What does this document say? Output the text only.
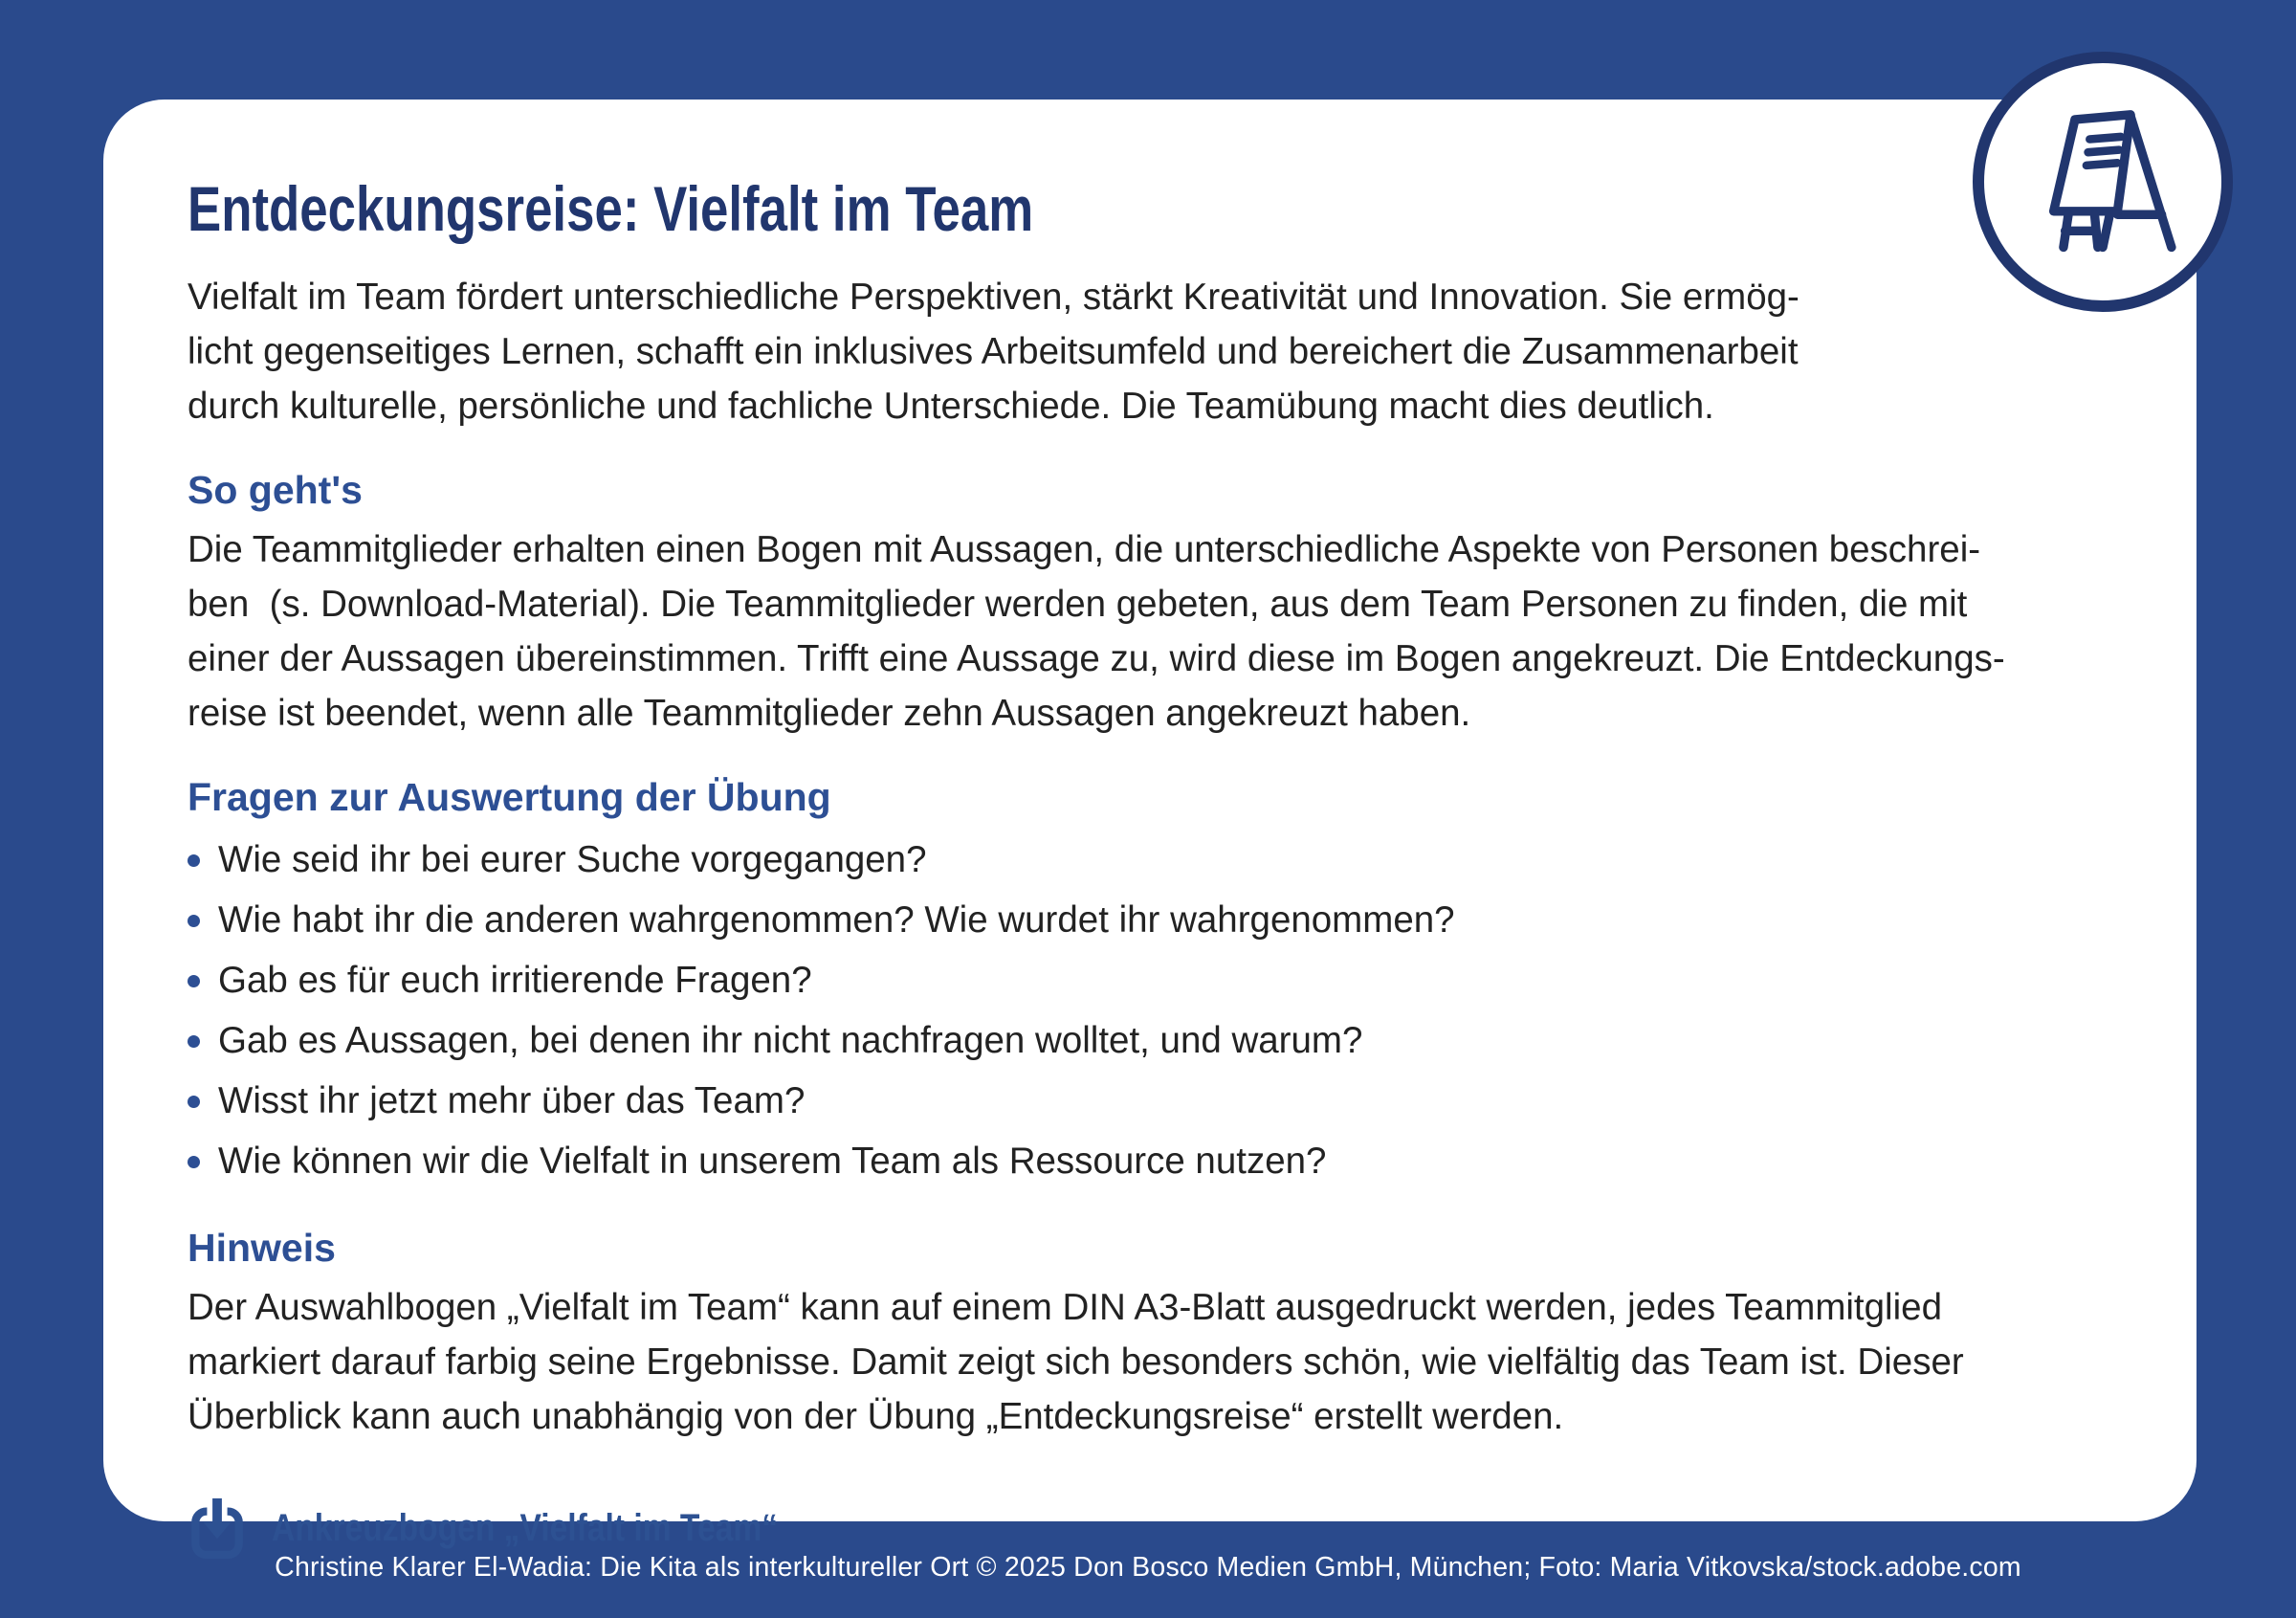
Entdeckungsreise: Vielfalt im Team
Vielfalt im Team fördert unterschiedliche Perspektiven, stärkt Kreativität und Innovation. Sie ermög-
licht gegenseitiges Lernen, schafft ein inklusives Arbeitsumfeld und bereichert die Zusammenarbeit
durch kulturelle, persönliche und fachliche Unterschiede. Die Teamübung macht dies deutlich.
So geht's
Die Teammitglieder erhalten einen Bogen mit Aussagen, die unterschiedliche Aspekte von Personen beschrei-
ben  (s. Download-Material). Die Teammitglieder werden gebeten, aus dem Team Personen zu finden, die mit
einer der Aussagen übereinstimmen. Trifft eine Aussage zu, wird diese im Bogen angekreuzt. Die Entdeckungs-
reise ist beendet, wenn alle Teammitglieder zehn Aussagen angekreuzt haben.
Fragen zur Auswertung der Übung
Wie seid ihr bei eurer Suche vorgegangen?
Wie habt ihr die anderen wahrgenommen? Wie wurdet ihr wahrgenommen?
Gab es für euch irritierende Fragen?
Gab es Aussagen, bei denen ihr nicht nachfragen wolltet, und warum?
Wisst ihr jetzt mehr über das Team?
Wie können wir die Vielfalt in unserem Team als Ressource nutzen?
Hinweis
Der Auswahlbogen „Vielfalt im Team“ kann auf einem DIN A3-Blatt ausgedruckt werden, jedes Teammitglied
markiert darauf farbig seine Ergebnisse. Damit zeigt sich besonders schön, wie vielfältig das Team ist. Dieser
Überblick kann auch unabhängig von der Übung „Entdeckungsreise“ erstellt werden.
Ankreuzbogen „Vielfalt im Team“
Christine Klarer El-Wadia: Die Kita als interkultureller Ort © 2025 Don Bosco Medien GmbH, München; Foto: Maria Vitkovska/stock.adobe.com
